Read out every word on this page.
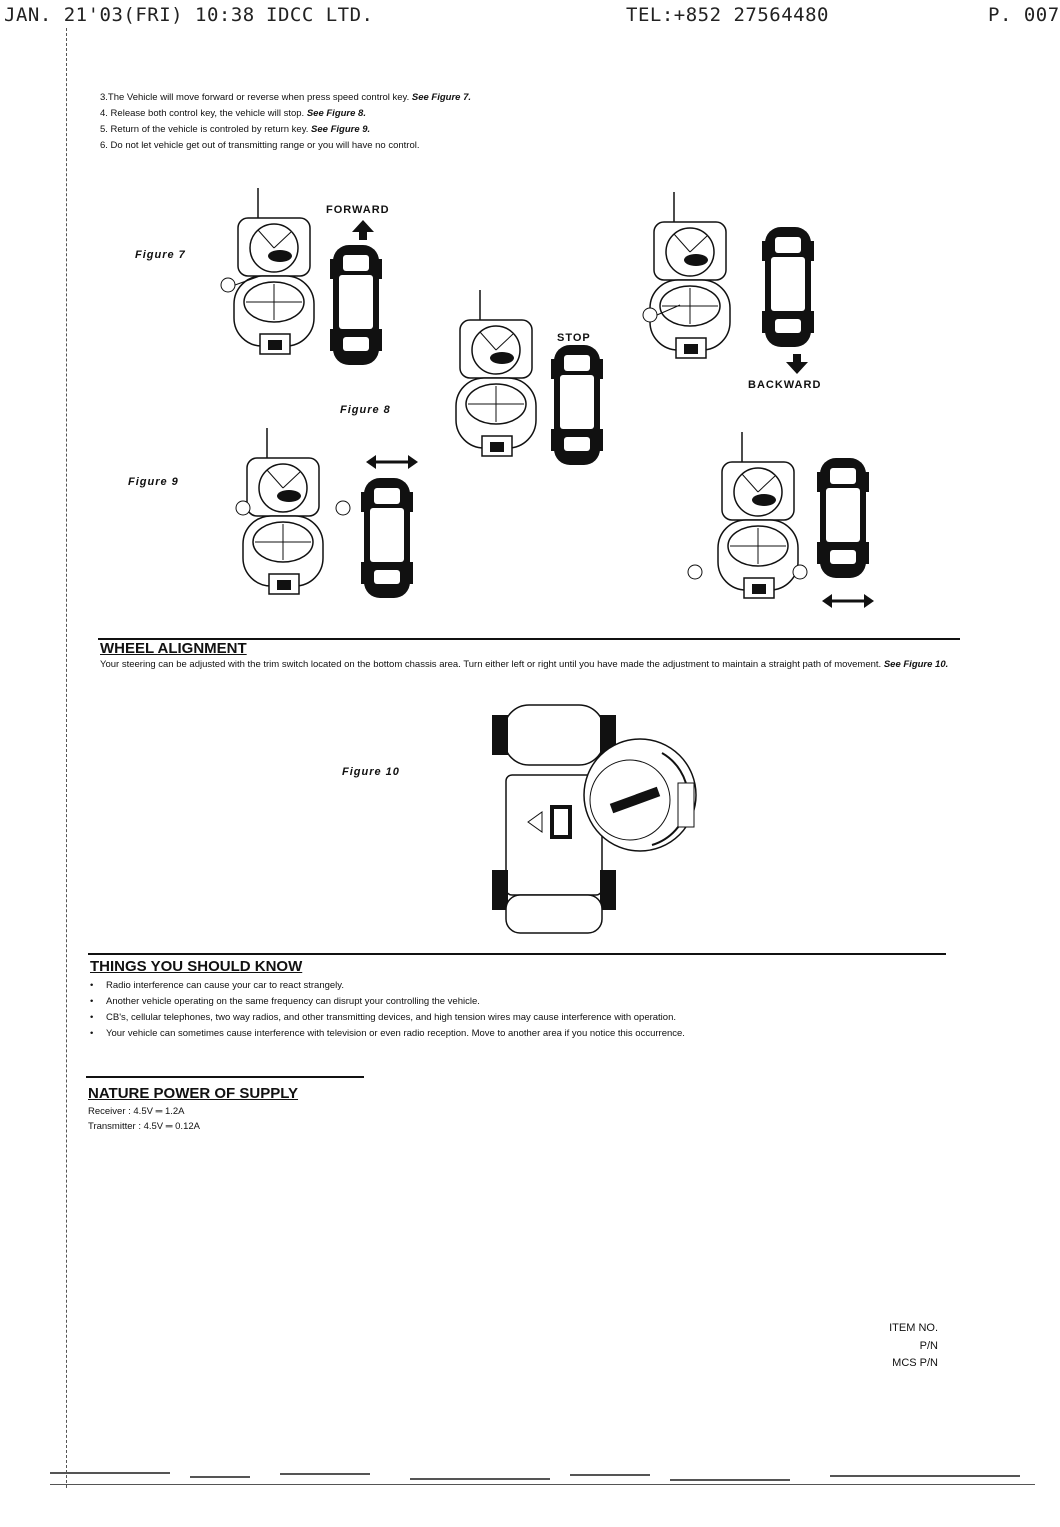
JAN. 21'03(FRI) 10:38 IDCC LTD.	TEL:+852 27564480	P. 007
3.The Vehicle will move forward or reverse when press speed control key. See Figure 7.
4. Release both control key, the vehicle will stop. See Figure 8.
5. Return of the vehicle is controled by return key. See Figure 9.
6. Do not let vehicle get out of transmitting range or you will have no control.
Figure 7
Figure 8
Figure 9
Figure 10
FORWARD
STOP
BACKWARD
WHEEL ALIGNMENT
Your steering can be adjusted with the trim switch located on the bottom chassis area. Turn either left or right until you have made the adjustment to maintain a straight path of movement. See Figure 10.
THINGS YOU SHOULD KNOW
• Radio interference can cause your car to react strangely.
• Another vehicle operating on the same frequency can disrupt your controlling the vehicle.
• CB's, cellular telephones, two way radios, and other transmitting devices, and high tension wires may cause interference with operation.
• Your vehicle can sometimes cause interference with television or even radio reception. Move to another area if you notice this occurrence.
NATURE POWER OF SUPPLY
Receiver : 4.5V ═ 1.2A
Transmitter : 4.5V ═ 0.12A
ITEM NO.
P/N
MCS P/N
